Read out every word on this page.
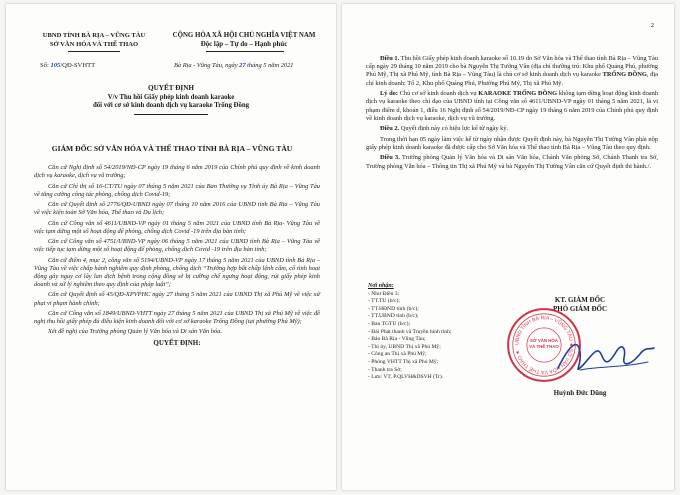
UBND TỈNH BÀ RỊA – VŨNG TÀU
SỞ VĂN HÓA VÀ THỂ THAO
CỘNG HÒA XÃ HỘI CHỦ NGHĨA VIỆT NAM
Độc lập – Tự do – Hạnh phúc
Số: 105/QĐ-SVHTT	Bà Rịa - Vũng Tàu, ngày 27 tháng 5 năm 2021
QUYẾT ĐỊNH
V/v Thu hồi Giấy phép kinh doanh karaoke
đối với cơ sở kinh doanh dịch vụ karaoke Trống Đồng
GIÁM ĐỐC SỞ VĂN HÓA VÀ THỂ THAO TỈNH BÀ RỊA – VŨNG TÀU

Căn cứ Nghị định số 54/2019/NĐ-CP ngày 19 tháng 6 năm 2019 của Chính phủ quy định về kinh doanh dịch vụ karaoke, dịch vụ vũ trường;

Căn cứ Chỉ thị số 16-CT/TU ngày 07 tháng 5 năm 2021 của Ban Thường vụ Tỉnh ủy Bà Rịa – Vũng Tàu về tăng cường công tác phòng, chống dịch Covid-19;

Căn cứ Quyết định số 2776/QĐ-UBND ngày 07 tháng 10 năm 2016 của UBND tỉnh Bà Rịa – Vũng Tàu về việc kiện toàn Sở Văn hóa, Thể thao và Du lịch;

Căn cứ Công văn số 4611/UBND-VP ngày 01 tháng 5 năm 2021 của UBND tỉnh Bà Rịa- Vũng Tàu về việc tạm dừng một số hoạt động để phòng, chống dịch Covid -19 trên địa bàn tỉnh;

Căn cứ Công văn số 4751/UBND-VP ngày 06 tháng 5 năm 2021 của UBND tỉnh Bà Rịa – Vũng Tàu về việc tiếp tục tạm dừng một số hoạt động để phòng, chống dịch Covid -19 trên địa bàn tỉnh;

Căn cứ điểm 4, mục 2, công văn số 5194/UBND-VP ngày 17 tháng 5 năm 2021 của UBND tỉnh Bà Rịa – Vũng Tàu về việc chấp hành nghiêm quy định phòng, chống dịch “Trường hợp bất chấp lệnh cấm, cố tình hoạt động gây nguy cơ lây lan dịch bệnh trong cộng đồng sẽ bị cưỡng chế ngưng hoạt động, rút giấy phép kinh doanh và xử lý nghiêm theo quy định của pháp luật”;

Căn cứ Quyết định số 45/QĐ-XPVPHC ngày 27 tháng 5 năm 2021 của UBND Thị xã Phú Mỹ về việc xử phạt vi phạm hành chính;

Căn cứ Công văn số 1849/UBND-VHTT ngày 27 tháng 5 năm 2021 của UBND Thị xã Phú Mỹ về việc đề nghị thu hồi giấy phép đủ điều kiện kinh doanh đối với cơ sở karaoke Trống Đồng (tại phường Phú Mỹ);

Xét đề nghị của Trưởng phòng Quản lý Văn hóa và Di sản Văn hóa.

QUYẾT ĐỊNH:

2

Điều 1. Thu hồi Giấy phép kinh doanh karaoke số 10.19 do Sở Văn hóa và Thể thao tỉnh Bà Rịa – Vũng Tàu cấp ngày 29 tháng 10 năm 2019 cho bà Nguyễn Thị Tường Vân (địa chỉ thường trú: Khu phố Quảng Phú, phường Phú Mỹ, Thị xã Phú Mỹ, tỉnh Bà Rịa – Vũng Tàu) là chủ cơ sở kinh doanh dịch vụ karaoke TRỐNG ĐỒNG, địa chỉ kinh doanh: Tổ 2, Khu phố Quảng Phú, Phường Phú Mỹ, Thị xã Phú Mỹ.

Lý do: Chủ cơ sở kinh doanh dịch vụ KARAOKE TRỐNG ĐỒNG không tạm dừng hoạt động kinh doanh dịch vụ karaoke theo chỉ đạo của UBND tỉnh tại Công văn số 4611/UBND-VP ngày 01 tháng 5 năm 2021, là vi phạm điểm d, khoản 1, điều 16 Nghị định số 54/2019/NĐ-CP ngày 19 tháng 6 năm 2019 của Chính phủ quy định về kinh doanh dịch vụ karaoke, dịch vụ vũ trường.

Điều 2. Quyết định này có hiệu lực kể từ ngày ký.

Trong thời hạn 05 ngày làm việc kể từ ngày nhận được Quyết định này, bà Nguyễn Thị Tường Vân phải nộp giấy phép kinh doanh karaoke đã được cấp cho Sở Văn hóa và Thể thao tỉnh Bà Rịa – Vũng Tàu theo quy định.

Điều 3. Trưởng phòng Quản lý Văn hóa và Di sản Văn hóa, Chánh Văn phòng Sở, Chánh Thanh tra Sở, Trưởng phòng Văn hóa – Thông tin Thị xã Phú Mỹ và bà Nguyễn Thị Tường Vân căn cứ Quyết định thi hành./.

Nơi nhận:
- Như Điều 3;
- TT.TU (b/c);
- TT.HĐND tỉnh (b/c);
- TT.UBND tỉnh (b/c);
- Ban TGTU (b/c);
- Đài Phát thanh và Truyền hình tỉnh;
- Báo Bà Rịa - Vũng Tàu;
- Thị ủy, UBND Thị xã Phú Mỹ;
- Công an Thị xã Phú Mỹ;
- Phòng VHTT Thị xã Phú Mỹ;
- Thanh tra Sở;
- Lưu: VT, P.QLVH&DSVH (Tr).
KT. GIÁM ĐỐC
PHÓ GIÁM ĐỐC
UBND TỈNH BÀ RỊA – VŨNG TÀU ★ SỞ VĂN HÓA VÀ THỂ THAO ★
SỞ VĂN HÓA
VÀ THỂ THAO
Huỳnh Đức Dũng
